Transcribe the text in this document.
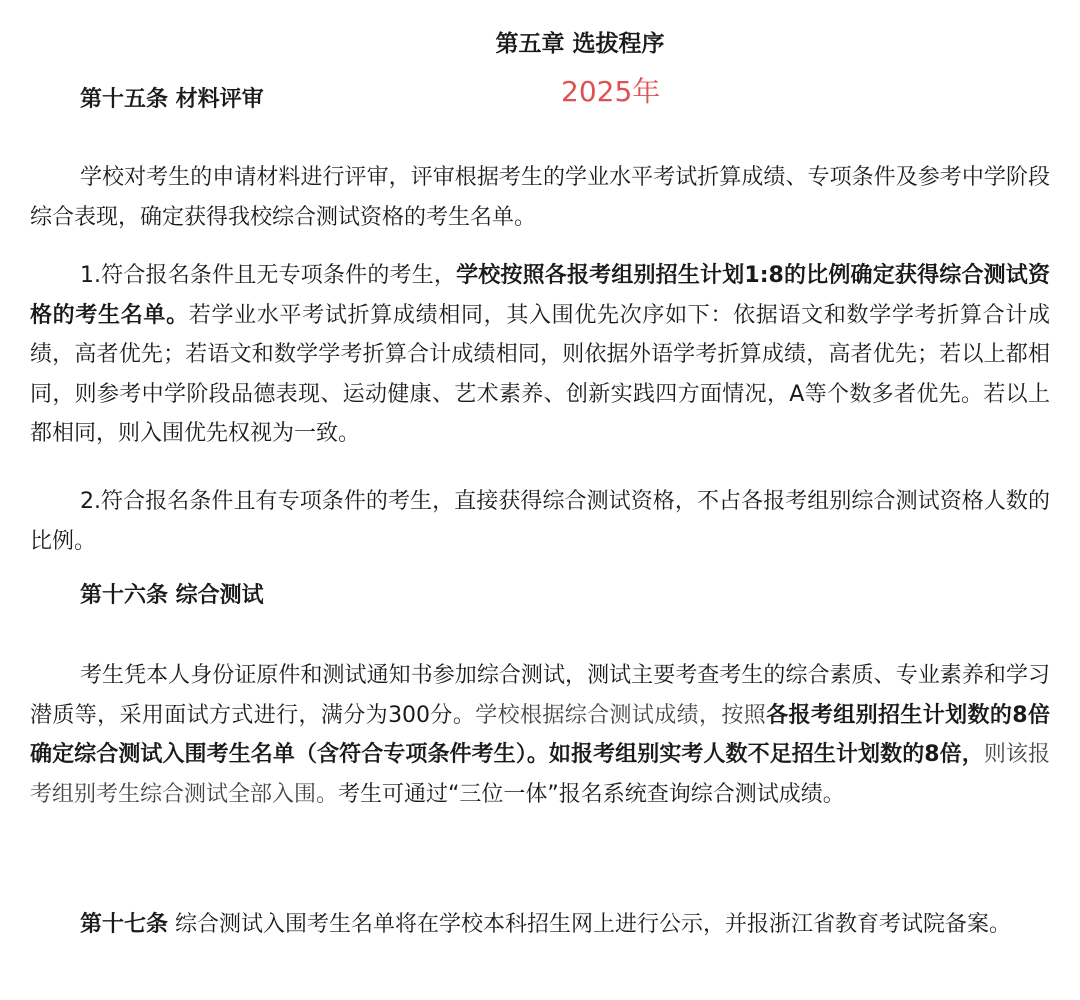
第五章 选拔程序
2025年
第十五条 材料评审

学校对考生的申请材料进行评审，评审根据考生的学业水平考试折算成绩、专项条件及参考中学阶段综合表现，确定获得我校综合测试资格的考生名单。

1.符合报名条件且无专项条件的考生，学校按照各报考组别招生计划1:8的比例确定获得综合测试资格的考生名单。若学业水平考试折算成绩相同，其入围优先次序如下：依据语文和数学学考折算合计成绩，高者优先；若语文和数学学考折算合计成绩相同，则依据外语学考折算成绩，高者优先；若以上都相同，则参考中学阶段品德表现、运动健康、艺术素养、创新实践四方面情况，A等个数多者优先。若以上都相同，则入围优先权视为一致。

2.符合报名条件且有专项条件的考生，直接获得综合测试资格，不占各报考组别综合测试资格人数的比例。

第十六条 综合测试

考生凭本人身份证原件和测试通知书参加综合测试，测试主要考查考生的综合素质、专业素养和学习潜质等，采用面试方式进行，满分为300分。学校根据综合测试成绩，按照各报考组别招生计划数的8倍确定综合测试入围考生名单（含符合专项条件考生）。如报考组别实考人数不足招生计划数的8倍，则该报考组别考生综合测试全部入围。考生可通过“三位一体”报名系统查询综合测试成绩。

第十七条 综合测试入围考生名单将在学校本科招生网上进行公示，并报浙江省教育考试院备案。
